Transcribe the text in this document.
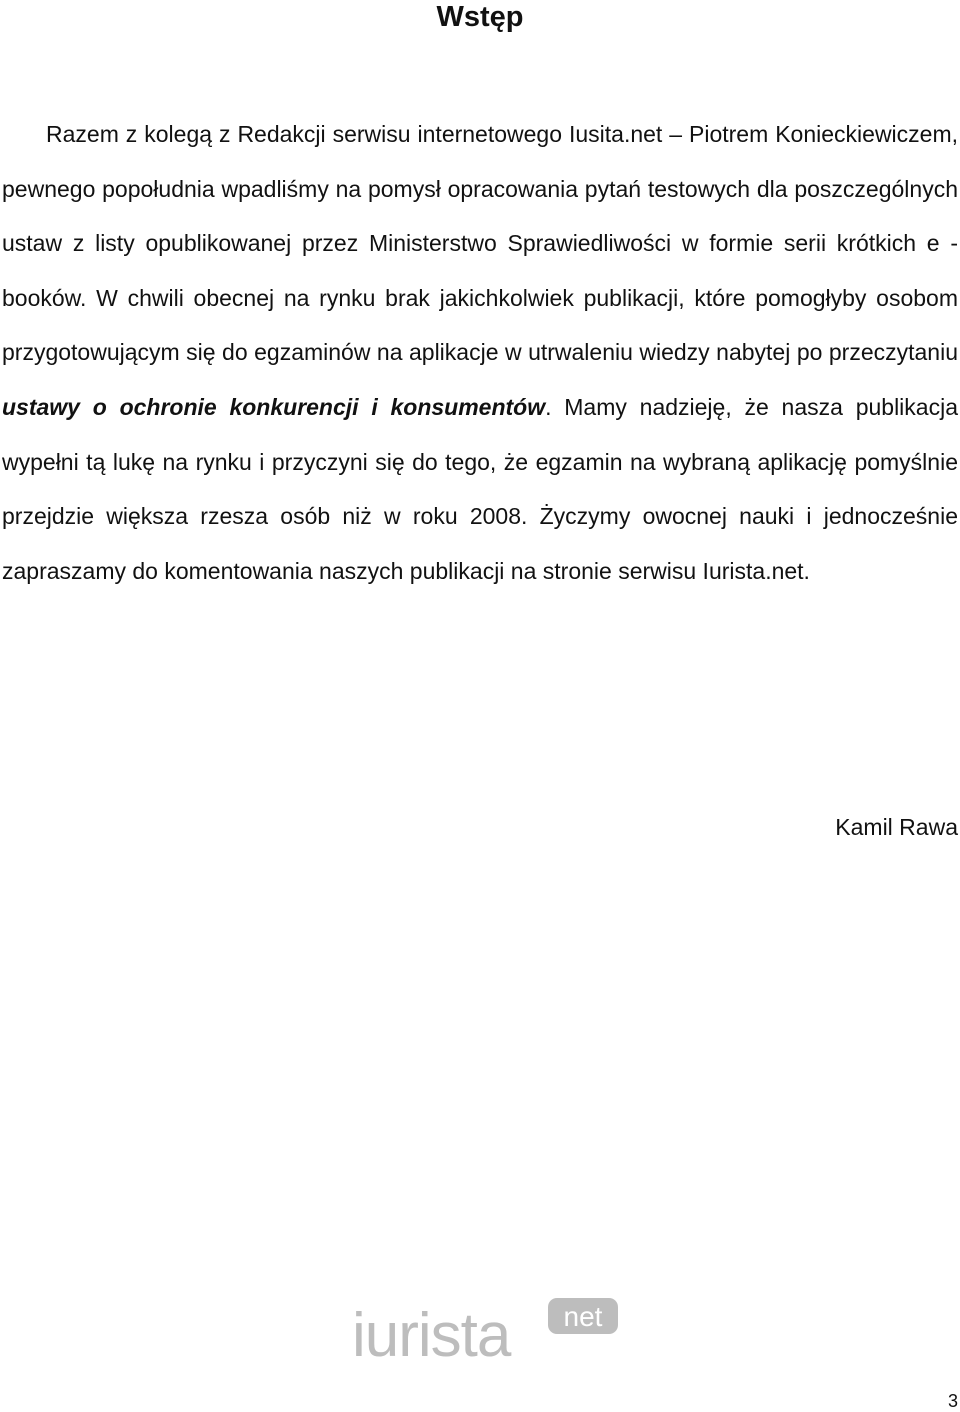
Wstęp

Razem z kolegą z Redakcji serwisu internetowego Iusita.net – Piotrem Konieckiewiczem, pewnego popołudnia wpadliśmy na pomysł opracowania pytań testowych dla poszczególnych ustaw z listy opublikowanej przez Ministerstwo Sprawiedliwości w formie serii krótkich e - booków. W chwili obecnej na rynku brak jakichkolwiek publikacji, które pomogłyby osobom przygotowującym się do egzaminów na aplikacje w utrwaleniu wiedzy nabytej po przeczytaniu ustawy o ochronie konkurencji i konsumentów. Mamy nadzieję, że nasza publikacja wypełni tą lukę na rynku i przyczyni się do tego, że egzamin na wybraną aplikację pomyślnie przejdzie większa rzesza osób niż w roku 2008. Życzymy owocnej nauki i jednocześnie zapraszamy do komentowania naszych publikacji na stronie serwisu Iurista.net.

Kamil Rawa
iurista net
3
